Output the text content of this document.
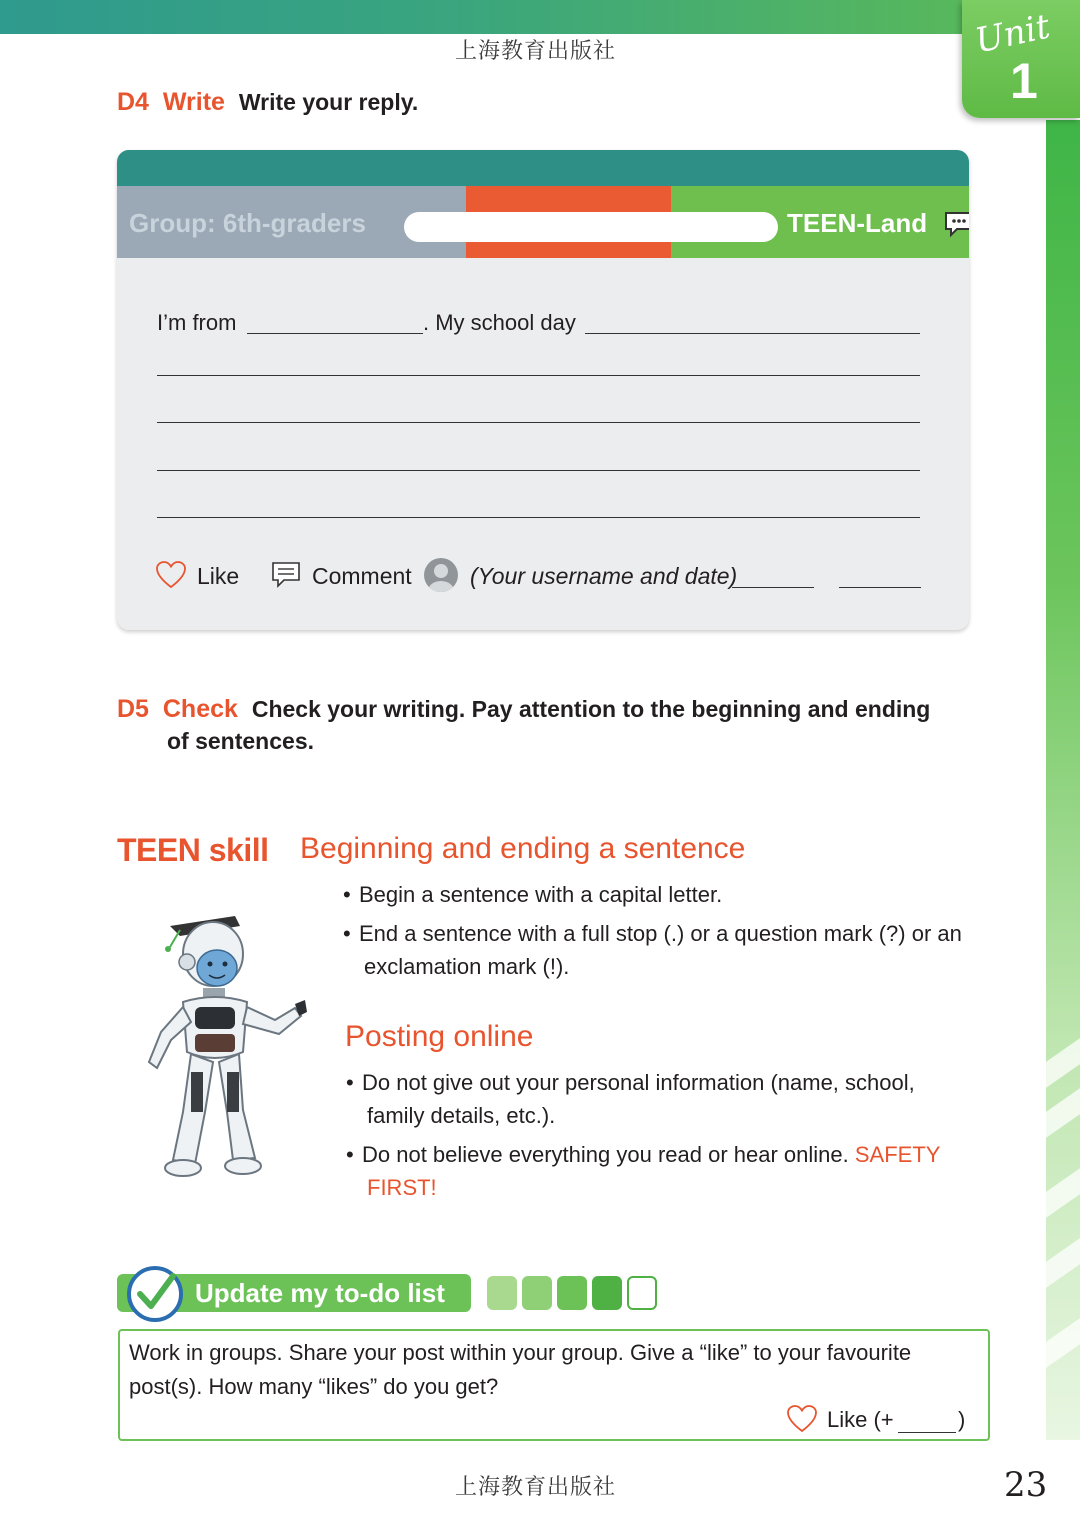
上海教育出版社	Unit
1
D4 Write Write your reply.
Group: 6th-graders	TEEN-Land
I’m from	. My school day
Like	Comment	(Your username and date)
D5 Check Check your writing. Pay attention to the beginning and ending
of sentences.
TEEN skill Beginning and ending a sentence
• Begin a sentence with a capital letter.
• End a sentence with a full stop (.) or a question mark (?) or an
exclamation mark (!).
Posting online
• Do not give out your personal information (name, school,
family details, etc.).
• Do not believe everything you read or hear online. SAFETY
FIRST!
Update my to-do list
Work in groups. Share your post within your group. Give a “like” to your favourite
post(s). How many “likes” do you get?
Like (+	)
上海教育出版社	23
